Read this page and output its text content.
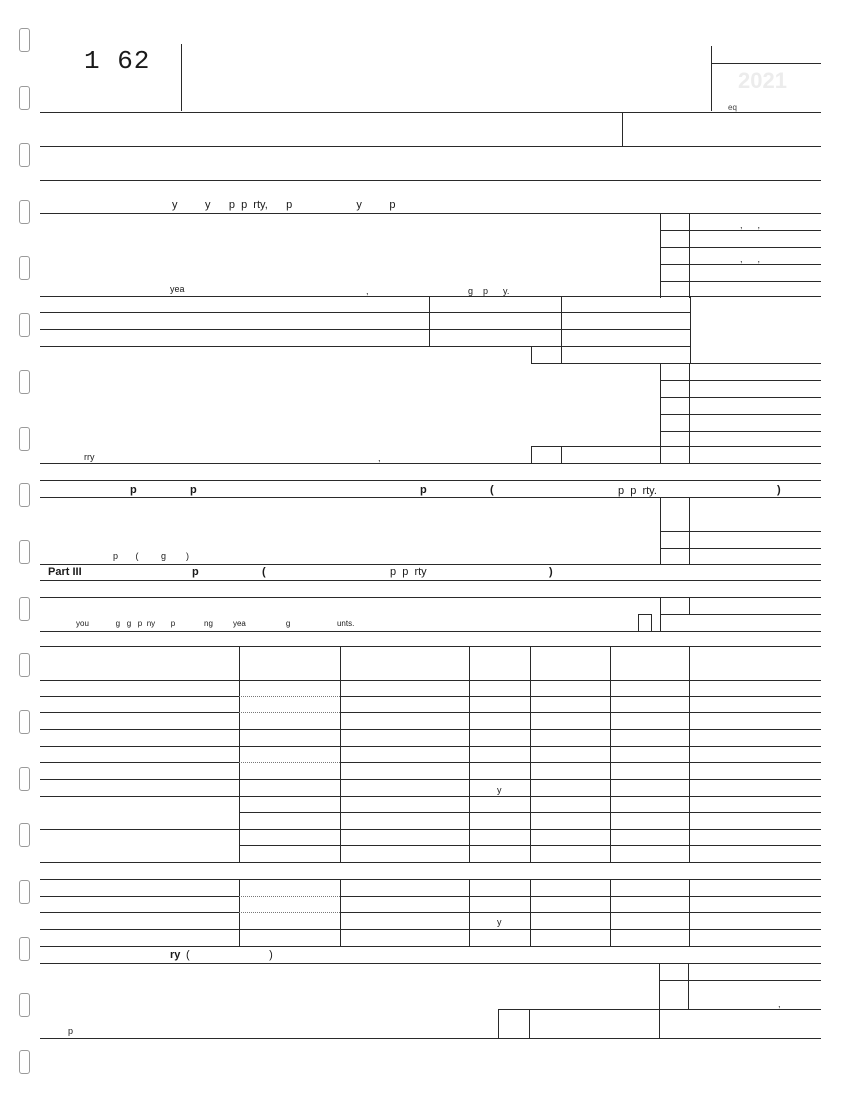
1 62
2021
eq
y         y      p  p  rty,      p                     y         p
,      ,
,      ,
yea	,	g    p      y.
rry	,
p	p	p	(	p  p  rty.	)
p       (         g        )
Part III	p	(	p  p  rty	)
you            g   g   p  ny       p             ng         yea                  g                     unts.
y
y
ry (                          )
,
p
